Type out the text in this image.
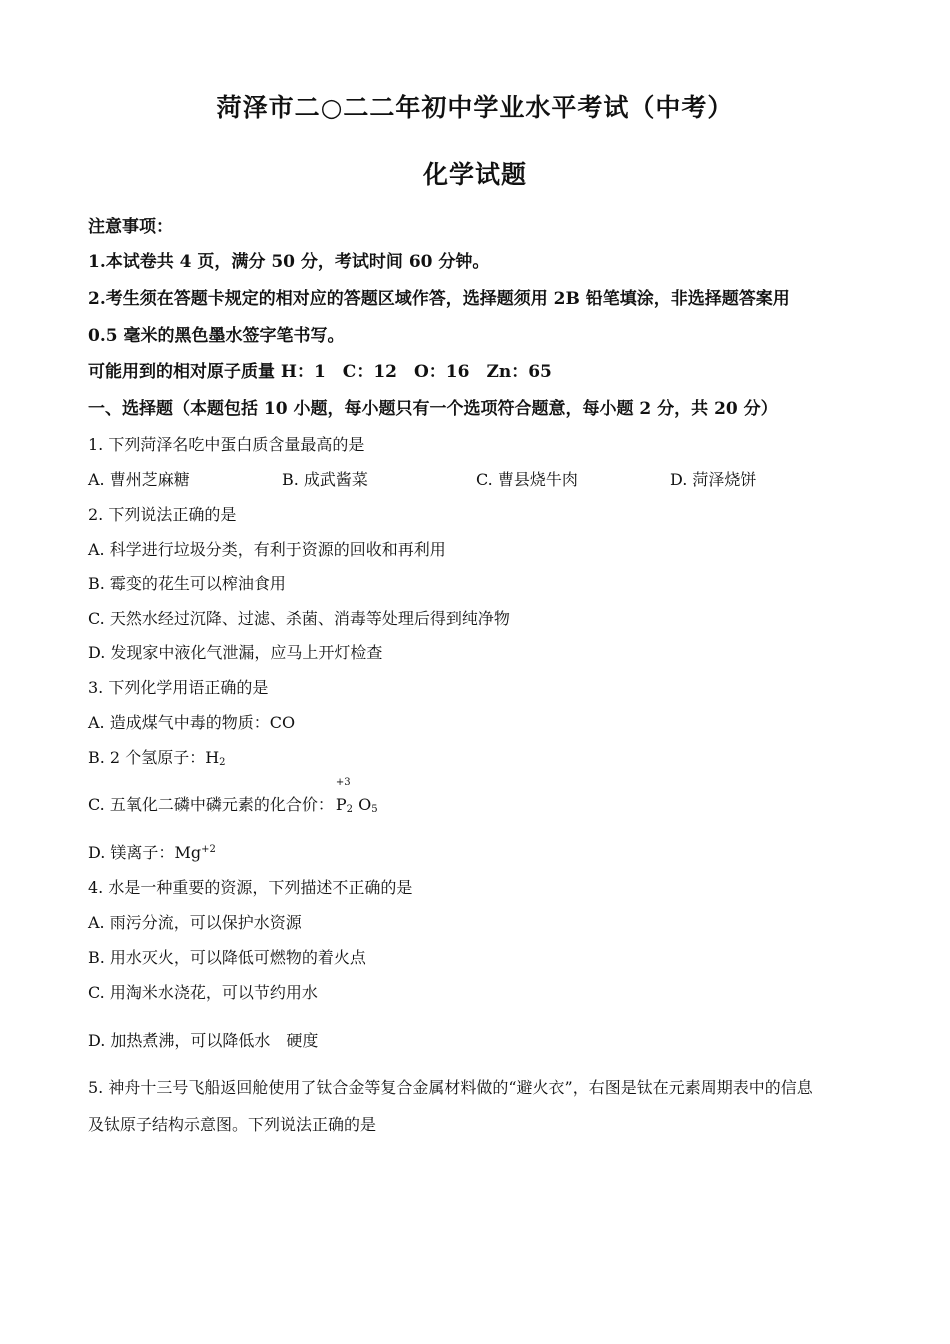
菏泽市二○二二年初中学业水平考试（中考）
化学试题
注意事项：
1.本试卷共 4 页，满分 50 分，考试时间 60 分钟。
2.考生须在答题卡规定的相对应的答题区域作答，选择题须用 2B 铅笔填涂，非选择题答案用
0.5 毫米的黑色墨水签字笔书写。
可能用到的相对原子质量 H：1　C：12　O：16　Zn：65
一、选择题（本题包括 10 小题，每小题只有一个选项符合题意，每小题 2 分，共 20 分）
1. 下列菏泽名吃中蛋白质含量最高的是
A. 曹州芝麻糖	B. 成武酱菜	C. 曹县烧牛肉	D. 菏泽烧饼
2. 下列说法正确的是
A. 科学进行垃圾分类，有利于资源的回收和再利用
B. 霉变的花生可以榨油食用
C. 天然水经过沉降、过滤、杀菌、消毒等处理后得到纯净物
D. 发现家中液化气泄漏，应马上开灯检查
3. 下列化学用语正确的是
A. 造成煤气中毒的物质：CO
B. 2 个氢原子：$H_2$
C. 五氧化二磷中磷元素的化合价：
+3
$P_2$ $O_5$
D. 镁离子：$Mg^{+2}$
4. 水是一种重要的资源，下列描述不正确的是
A. 雨污分流，可以保护水资源
B. 用水灭火，可以降低可燃物的着火点
C. 用淘米水浇花，可以节约用水
D. 加热煮沸，可以降低水　硬度
5. 神舟十三号飞船返回舱使用了钛合金等复合金属材料做的“避火衣”，右图是钛在元素周期表中的信息
及钛原子结构示意图。下列说法正确的是
